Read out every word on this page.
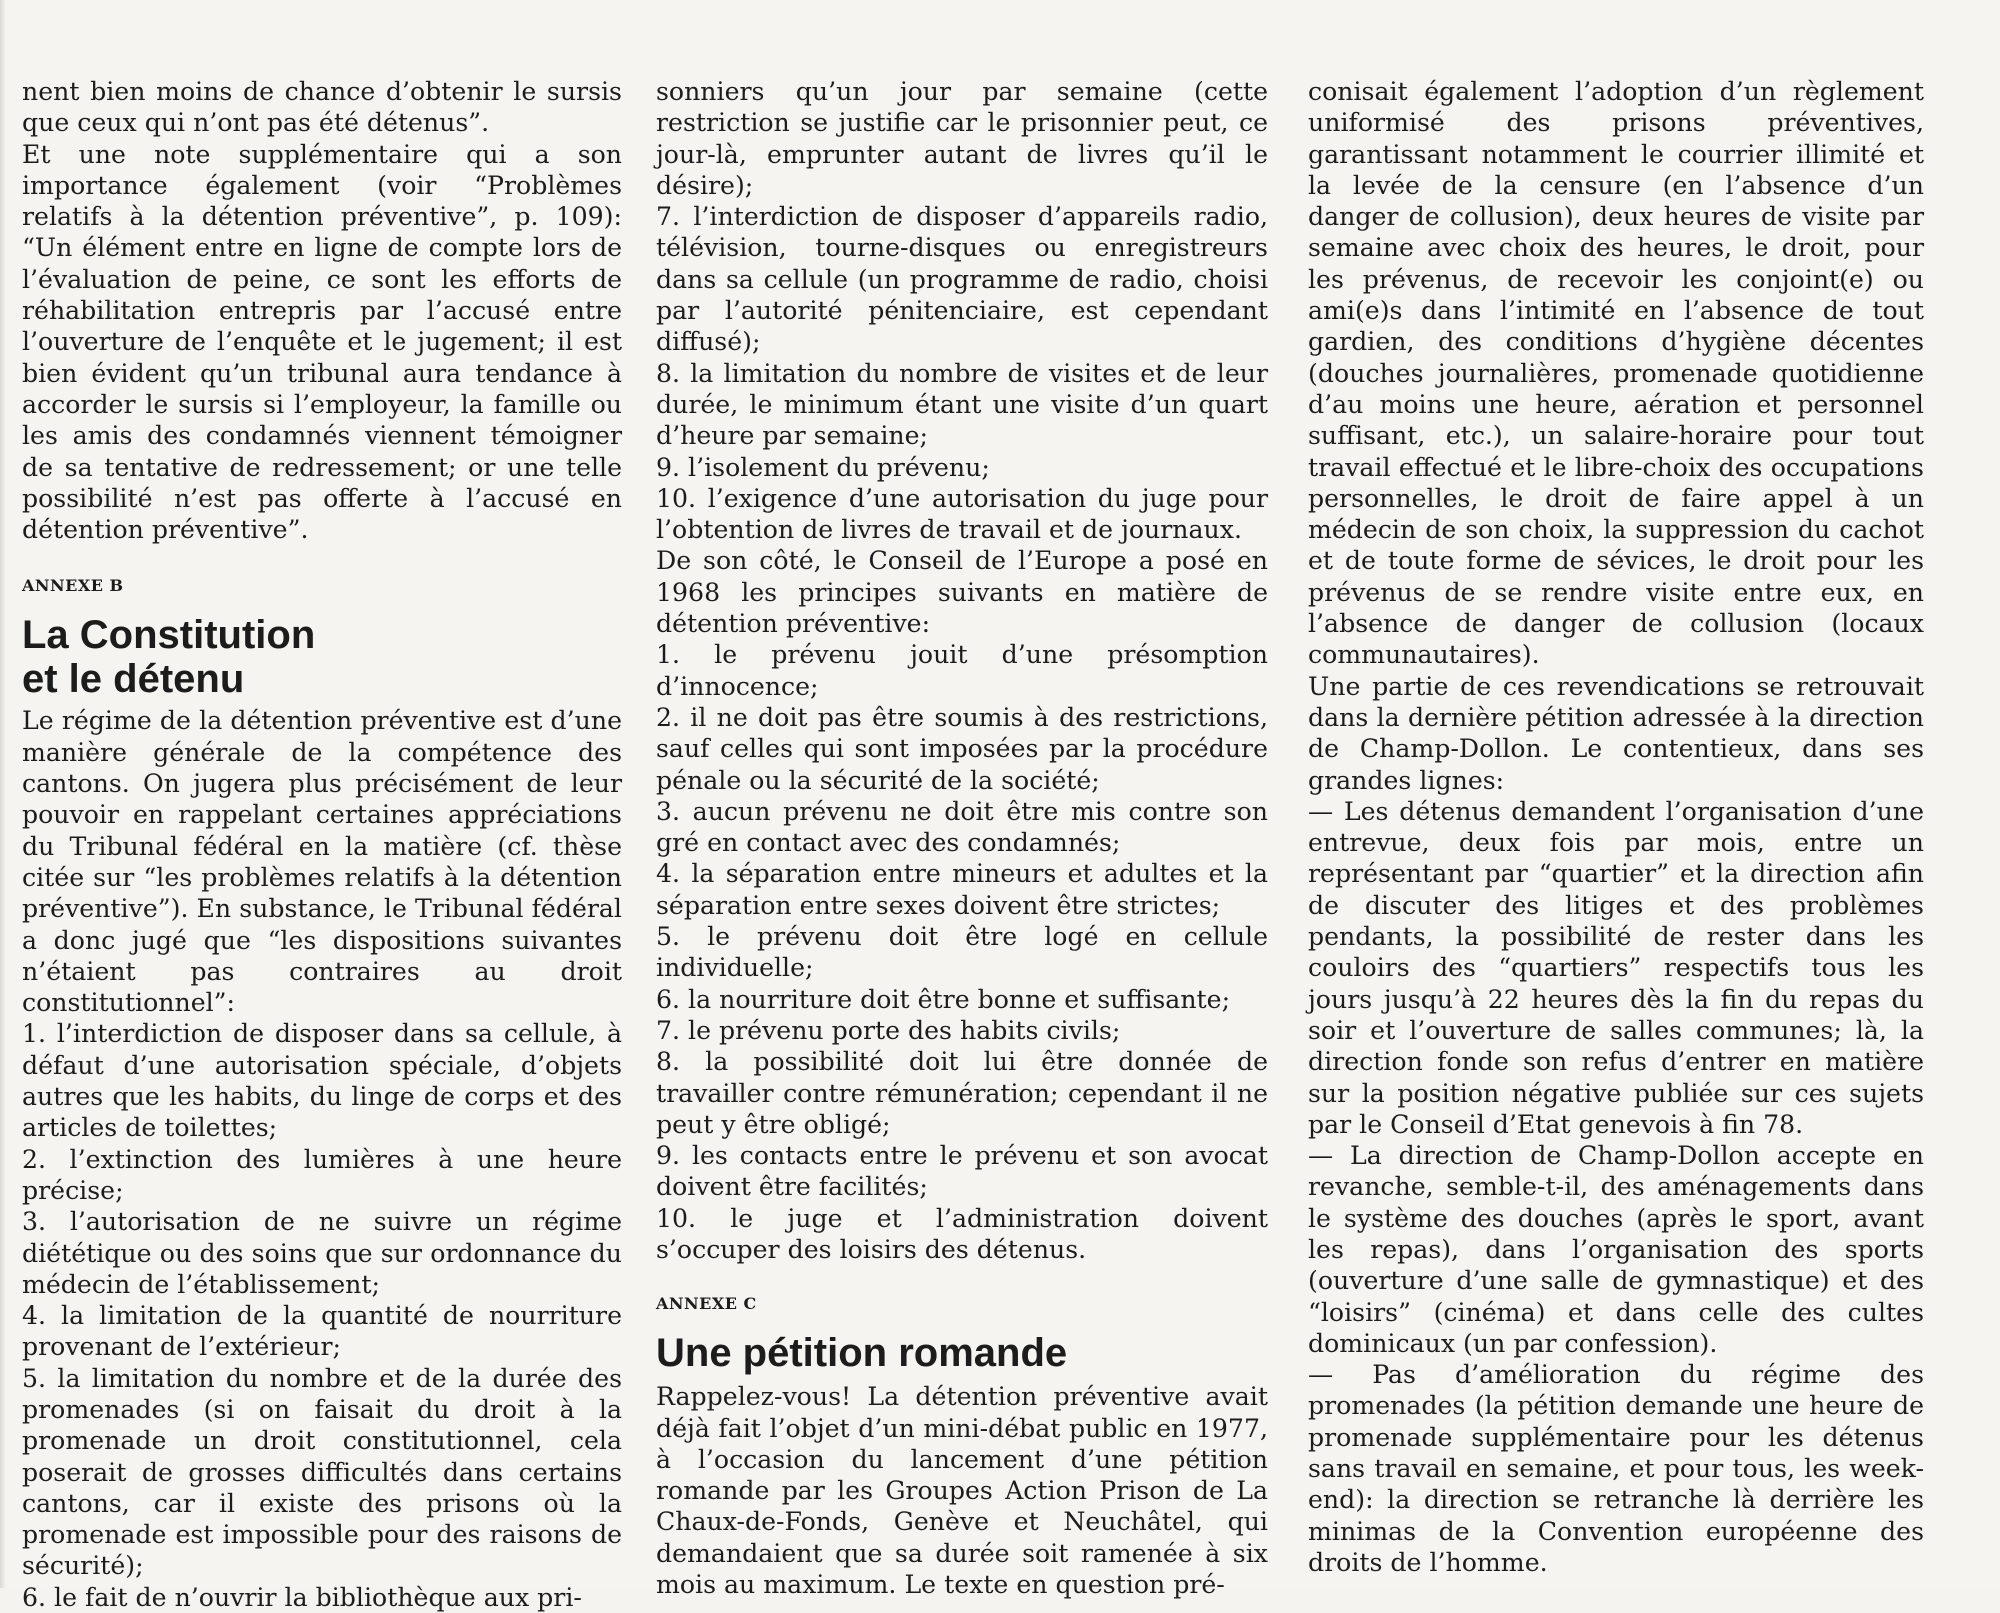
nent bien moins de chance d’obtenir le sursis que ceux qui n’ont pas été détenus”.

Et une note supplémentaire qui a son importance également (voir “Problèmes relatifs à la détention préventive”, p. 109): “Un élément entre en ligne de compte lors de l’évaluation de peine, ce sont les efforts de réhabilitation entrepris par l’accusé entre l’ouverture de l’enquête et le jugement; il est bien évident qu’un tribunal aura tendance à accorder le sursis si l’employeur, la famille ou les amis des condamnés viennent témoigner de sa tentative de redressement; or une telle possibilité n’est pas offerte à l’accusé en détention préventive”.

ANNEXE B

La Constitution

et le détenu

Le régime de la détention préventive est d’une manière générale de la compétence des cantons. On jugera plus précisément de leur pouvoir en rappelant certaines appréciations du Tribunal fédéral en la matière (cf. thèse citée sur “les problèmes relatifs à la détention préventive”). En substance, le Tribunal fédéral a donc jugé que “les dispositions suivantes n’étaient pas contraires au droit constitutionnel”:

1. l’interdiction de disposer dans sa cellule, à défaut d’une autorisation spéciale, d’objets autres que les habits, du linge de corps et des articles de toilettes;

2. l’extinction des lumières à une heure précise;

3. l’autorisation de ne suivre un régime diététique ou des soins que sur ordonnance du médecin de l’établissement;

4. la limitation de la quantité de nourriture provenant de l’extérieur;

5. la limitation du nombre et de la durée des promenades (si on faisait du droit à la promenade un droit constitutionnel, cela poserait de grosses difficultés dans certains cantons, car il existe des prisons où la promenade est impossible pour des raisons de sécurité);

6. le fait de n’ouvrir la bibliothèque aux pri-

sonniers qu’un jour par semaine (cette restriction se justifie car le prisonnier peut, ce jour-là, emprunter autant de livres qu’il le désire);

7. l’interdiction de disposer d’appareils radio, télévision, tourne-disques ou enregistreurs dans sa cellule (un programme de radio, choisi par l’autorité pénitenciaire, est cependant diffusé);

8. la limitation du nombre de visites et de leur durée, le minimum étant une visite d’un quart d’heure par semaine;

9. l’isolement du prévenu;

10. l’exigence d’une autorisation du juge pour l’obtention de livres de travail et de journaux.

De son côté, le Conseil de l’Europe a posé en 1968 les principes suivants en matière de détention préventive:

1. le prévenu jouit d’une présomption d’innocence;

2. il ne doit pas être soumis à des restrictions, sauf celles qui sont imposées par la procédure pénale ou la sécurité de la société;

3. aucun prévenu ne doit être mis contre son gré en contact avec des condamnés;

4. la séparation entre mineurs et adultes et la séparation entre sexes doivent être strictes;

5. le prévenu doit être logé en cellule individuelle;

6. la nourriture doit être bonne et suffisante;

7. le prévenu porte des habits civils;

8. la possibilité doit lui être donnée de travailler contre rémunération; cependant il ne peut y être obligé;

9. les contacts entre le prévenu et son avocat doivent être facilités;

10. le juge et l’administration doivent s’occuper des loisirs des détenus.

ANNEXE C

Une pétition romande

Rappelez-vous! La détention préventive avait déjà fait l’objet d’un mini-débat public en 1977, à l’occasion du lancement d’une pétition romande par les Groupes Action Prison de La Chaux-de-Fonds, Genève et Neuchâtel, qui demandaient que sa durée soit ramenée à six mois au maximum. Le texte en question pré-

conisait également l’adoption d’un règlement uniformisé des prisons préventives, garantissant notamment le courrier illimité et la levée de la censure (en l’absence d’un danger de collusion), deux heures de visite par semaine avec choix des heures, le droit, pour les prévenus, de recevoir les conjoint(e) ou ami(e)s dans l’intimité en l’absence de tout gardien, des conditions d’hygiène décentes (douches journalières, promenade quotidienne d’au moins une heure, aération et personnel suffisant, etc.), un salaire-horaire pour tout travail effectué et le libre-choix des occupations personnelles, le droit de faire appel à un médecin de son choix, la suppression du cachot et de toute forme de sévices, le droit pour les prévenus de se rendre visite entre eux, en l’absence de danger de collusion (locaux communautaires).

Une partie de ces revendications se retrouvait dans la dernière pétition adressée à la direction de Champ-Dollon. Le contentieux, dans ses grandes lignes:

— Les détenus demandent l’organisation d’une entrevue, deux fois par mois, entre un représentant par “quartier” et la direction afin de discuter des litiges et des problèmes pendants, la possibilité de rester dans les couloirs des “quartiers” respectifs tous les jours jusqu’à 22 heures dès la fin du repas du soir et l’ouverture de salles communes; là, la direction fonde son refus d’entrer en matière sur la position négative publiée sur ces sujets par le Conseil d’Etat genevois à fin 78.

— La direction de Champ-Dollon accepte en revanche, semble-t-il, des aménagements dans le système des douches (après le sport, avant les repas), dans l’organisation des sports (ouverture d’une salle de gymnastique) et des “loisirs” (cinéma) et dans celle des cultes dominicaux (un par confession).

— Pas d’amélioration du régime des promenades (la pétition demande une heure de promenade supplémentaire pour les détenus sans travail en semaine, et pour tous, les week-end): la direction se retranche là derrière les minimas de la Convention européenne des droits de l’homme.
